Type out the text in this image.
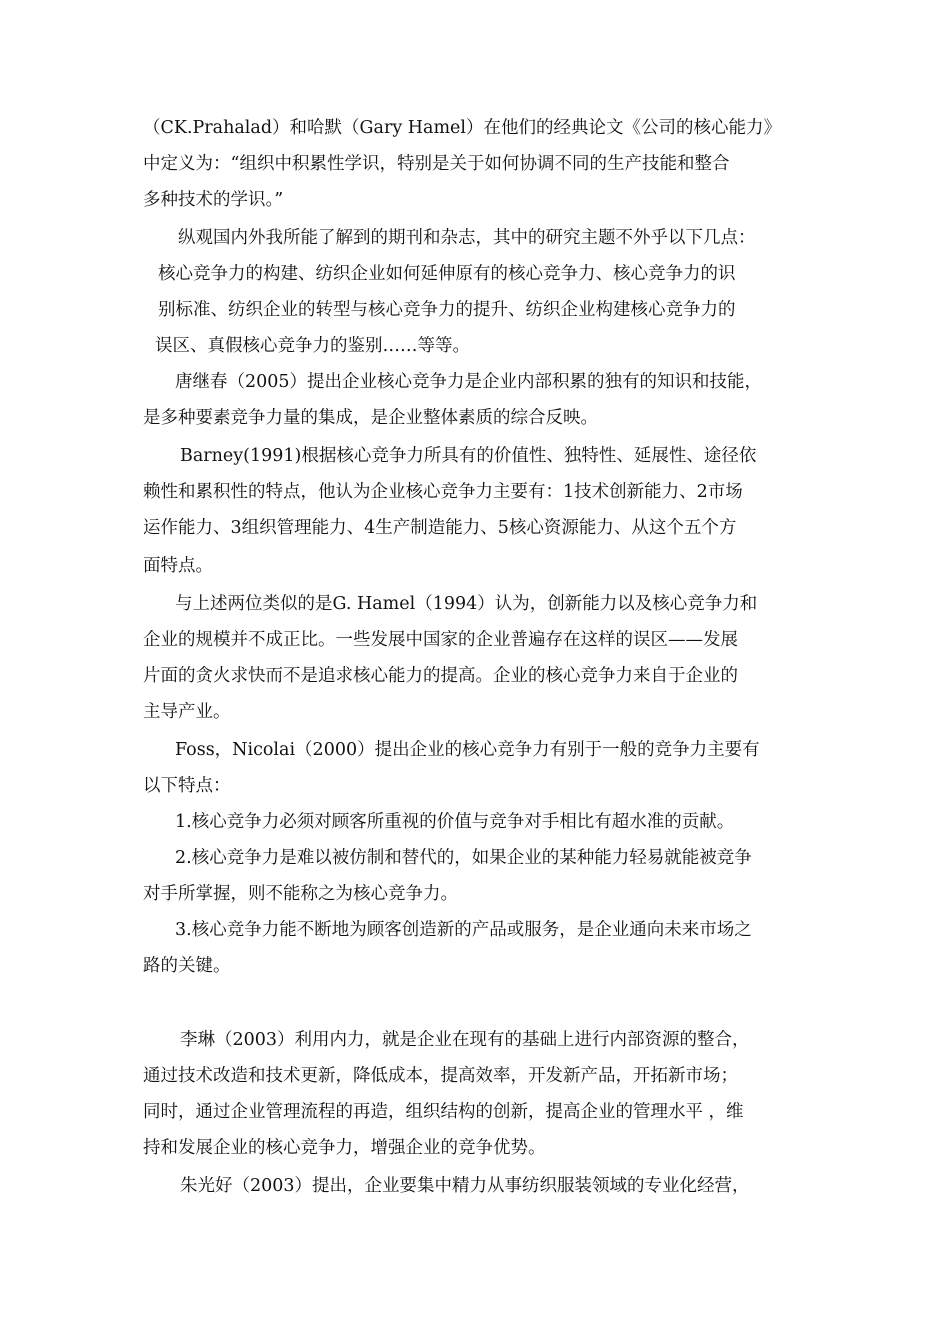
（CK.Prahalad）和哈默（Gary Hamel）在他们的经典论文《公司的核心能力》
中定义为：“组织中积累性学识，特别是关于如何协调不同的生产技能和整合
多种技术的学识。”
纵观国内外我所能了解到的期刊和杂志，其中的研究主题不外乎以下几点：
核心竞争力的构建、纺织企业如何延伸原有的核心竞争力、核心竞争力的识
别标准、纺织企业的转型与核心竞争力的提升、纺织企业构建核心竞争力的
误区、真假核心竞争力的鉴别……等等。
唐继春（2005）提出企业核心竞争力是企业内部积累的独有的知识和技能，
是多种要素竞争力量的集成，是企业整体素质的综合反映。
Barney(1991)根据核心竞争力所具有的价值性、独特性、延展性、途径依
赖性和累积性的特点，他认为企业核心竞争力主要有：1技术创新能力、2市场
运作能力、3组织管理能力、4生产制造能力、5核心资源能力、从这个五个方
面特点。
与上述两位类似的是G. Hamel（1994）认为，创新能力以及核心竞争力和
企业的规模并不成正比。一些发展中国家的企业普遍存在这样的误区——发展
片面的贪火求快而不是追求核心能力的提高。企业的核心竞争力来自于企业的
主导产业。
Foss，Nicolai（2000）提出企业的核心竞争力有别于一般的竞争力主要有
以下特点：
1.核心竞争力必须对顾客所重视的价值与竞争对手相比有超水准的贡献。
2.核心竞争力是难以被仿制和替代的，如果企业的某种能力轻易就能被竞争
对手所掌握，则不能称之为核心竞争力。
3.核心竞争力能不断地为顾客创造新的产品或服务，是企业通向未来市场之
路的关键。
李琳（2003）利用内力，就是企业在现有的基础上进行内部资源的整合，
通过技术改造和技术更新，降低成本，提高效率，开发新产品，开拓新市场；
同时，通过企业管理流程的再造，组织结构的创新，提高企业的管理水平 ，维
持和发展企业的核心竞争力，增强企业的竞争优势。
朱光好（2003）提出，企业要集中精力从事纺织服装领域的专业化经营，
